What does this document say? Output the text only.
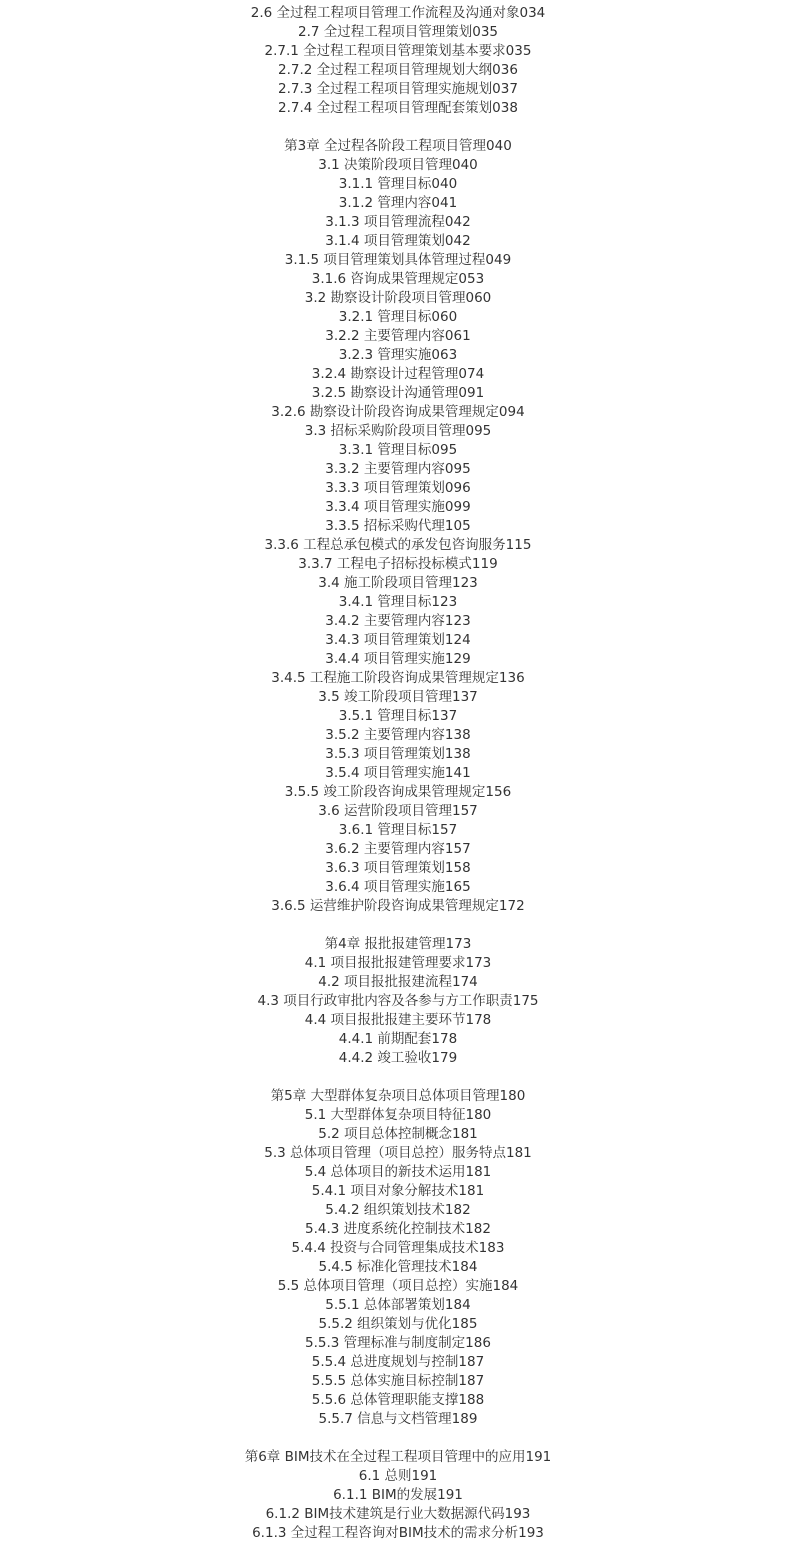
2.6 全过程工程项目管理工作流程及沟通对象034
2.7 全过程工程项目管理策划035
2.7.1 全过程工程项目管理策划基本要求035
2.7.2 全过程工程项目管理规划大纲036
2.7.3 全过程工程项目管理实施规划037
2.7.4 全过程工程项目管理配套策划038
第3章 全过程各阶段工程项目管理040
3.1 决策阶段项目管理040
3.1.1 管理目标040
3.1.2 管理内容041
3.1.3 项目管理流程042
3.1.4 项目管理策划042
3.1.5 项目管理策划具体管理过程049
3.1.6 咨询成果管理规定053
3.2 勘察设计阶段项目管理060
3.2.1 管理目标060
3.2.2 主要管理内容061
3.2.3 管理实施063
3.2.4 勘察设计过程管理074
3.2.5 勘察设计沟通管理091
3.2.6 勘察设计阶段咨询成果管理规定094
3.3 招标采购阶段项目管理095
3.3.1 管理目标095
3.3.2 主要管理内容095
3.3.3 项目管理策划096
3.3.4 项目管理实施099
3.3.5 招标采购代理105
3.3.6 工程总承包模式的承发包咨询服务115
3.3.7 工程电子招标投标模式119
3.4 施工阶段项目管理123
3.4.1 管理目标123
3.4.2 主要管理内容123
3.4.3 项目管理策划124
3.4.4 项目管理实施129
3.4.5 工程施工阶段咨询成果管理规定136
3.5 竣工阶段项目管理137
3.5.1 管理目标137
3.5.2 主要管理内容138
3.5.3 项目管理策划138
3.5.4 项目管理实施141
3.5.5 竣工阶段咨询成果管理规定156
3.6 运营阶段项目管理157
3.6.1 管理目标157
3.6.2 主要管理内容157
3.6.3 项目管理策划158
3.6.4 项目管理实施165
3.6.5 运营维护阶段咨询成果管理规定172
第4章 报批报建管理173
4.1 项目报批报建管理要求173
4.2 项目报批报建流程174
4.3 项目行政审批内容及各参与方工作职责175
4.4 项目报批报建主要环节178
4.4.1 前期配套178
4.4.2 竣工验收179
第5章 大型群体复杂项目总体项目管理180
5.1 大型群体复杂项目特征180
5.2 项目总体控制概念181
5.3 总体项目管理（项目总控）服务特点181
5.4 总体项目的新技术运用181
5.4.1 项目对象分解技术181
5.4.2 组织策划技术182
5.4.3 进度系统化控制技术182
5.4.4 投资与合同管理集成技术183
5.4.5 标准化管理技术184
5.5 总体项目管理（项目总控）实施184
5.5.1 总体部署策划184
5.5.2 组织策划与优化185
5.5.3 管理标准与制度制定186
5.5.4 总进度规划与控制187
5.5.5 总体实施目标控制187
5.5.6 总体管理职能支撑188
5.5.7 信息与文档管理189
第6章 BIM技术在全过程工程项目管理中的应用191
6.1 总则191
6.1.1 BIM的发展191
6.1.2 BIM技术建筑是行业大数据源代码193
6.1.3 全过程工程咨询对BIM技术的需求分析193
